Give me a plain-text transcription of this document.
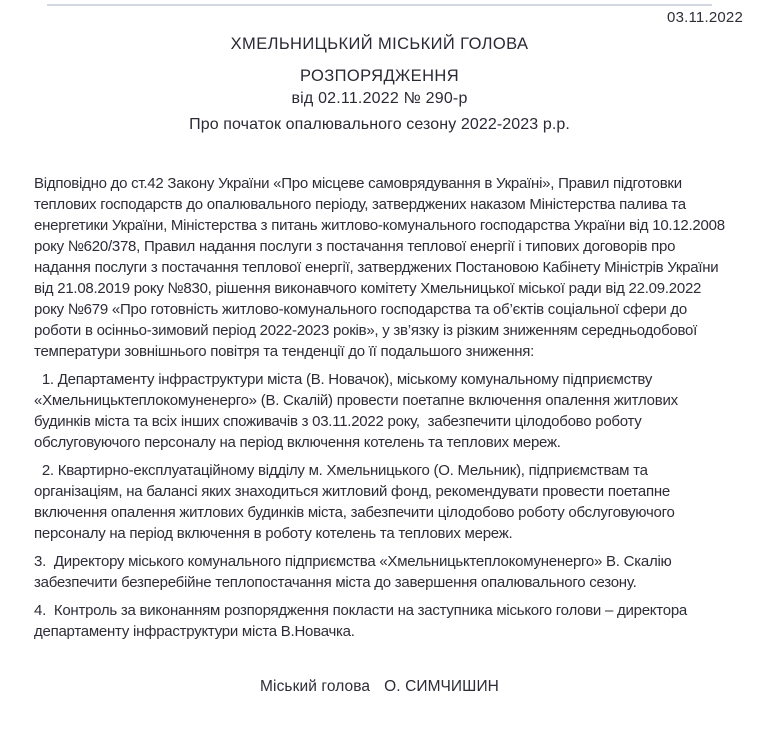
03.11.2022
ХМЕЛЬНИЦЬКИЙ МІСЬКИЙ ГОЛОВА
РОЗПОРЯДЖЕННЯ
від 02.11.2022 № 290-р
Про початок опалювального сезону 2022-2023 р.р.
Відповідно до ст.42 Закону України «Про місцеве самоврядування в Україні», Правил підготовки теплових господарств до опалювального періоду, затверджених наказом Міністерства палива та енергетики України, Міністерства з питань житлово-комунального господарства України від 10.12.2008 року №620/378, Правил надання послуги з постачання теплової енергії і типових договорів про надання послуги з постачання теплової енергії, затверджених Постановою Кабінету Міністрів України від 21.08.2019 року №830, рішення виконавчого комітету Хмельницької міської ради від 22.09.2022 року №679 «Про готовність житлово-комунального господарства та об’єктів соціальної сфери до роботи в осінньо-зимовий період 2022-2023 років», у зв’язку із різким зниженням середньодобової температури зовнішнього повітря та тенденції до її подальшого зниження:
1. Департаменту інфраструктури міста (В. Новачок), міському комунальному підприємству «Хмельницьктеплокомуненерго» (В. Скалій) провести поетапне включення опалення житлових будинків міста та всіх інших споживачів з 03.11.2022 року,  забезпечити цілодобово роботу обслуговуючого персоналу на період включення котелень та теплових мереж.
2. Квартирно-експлуатаційному відділу м. Хмельницького (О. Мельник), підприємствам та організаціям, на балансі яких знаходиться житловий фонд, рекомендувати провести поетапне включення опалення житлових будинків міста, забезпечити цілодобово роботу обслуговуючого персоналу на період включення в роботу котелень та теплових мереж.
3.  Директору міського комунального підприємства «Хмельницьктеплокомуненерго» В. Скалію забезпечити безперебійне теплопостачання міста до завершення опалювального сезону.
4.  Контроль за виконанням розпорядження покласти на заступника міського голови – директора департаменту інфраструктури міста В.Новачка.
Міський голова О. СИМЧИШИН
